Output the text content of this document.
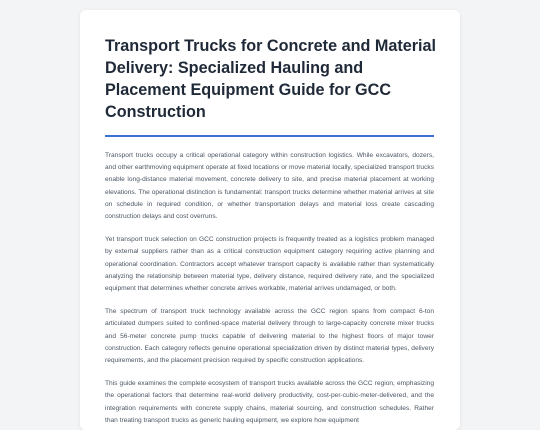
Transport Trucks for Concrete and Material Delivery: Specialized Hauling and Placement Equipment Guide for GCC Construction

Transport trucks occupy a critical operational category within construction logistics. While excavators, dozers, and other earthmoving equipment operate at fixed locations or move material locally, specialized transport trucks enable long-distance material movement, concrete delivery to site, and precise material placement at working elevations. The operational distinction is fundamental: transport trucks determine whether material arrives at site on schedule in required condition, or whether transportation delays and material loss create cascading construction delays and cost overruns.

Yet transport truck selection on GCC construction projects is frequently treated as a logistics problem managed by external suppliers rather than as a critical construction equipment category requiring active planning and operational coordination. Contractors accept whatever transport capacity is available rather than systematically analyzing the relationship between material type, delivery distance, required delivery rate, and the specialized equipment that determines whether concrete arrives workable, material arrives undamaged, or both.

The spectrum of transport truck technology available across the GCC region spans from compact 6-ton articulated dumpers suited to confined-space material delivery through to large-capacity concrete mixer trucks and 56-meter concrete pump trucks capable of delivering material to the highest floors of major tower construction. Each category reflects genuine operational specialization driven by distinct material types, delivery requirements, and the placement precision required by specific construction applications.

This guide examines the complete ecosystem of transport trucks available across the GCC region, emphasizing the operational factors that determine real-world delivery productivity, cost-per-cubic-meter-delivered, and the integration requirements with concrete supply chains, material sourcing, and construction schedules. Rather than treating transport trucks as generic hauling equipment, we explore how equipment
